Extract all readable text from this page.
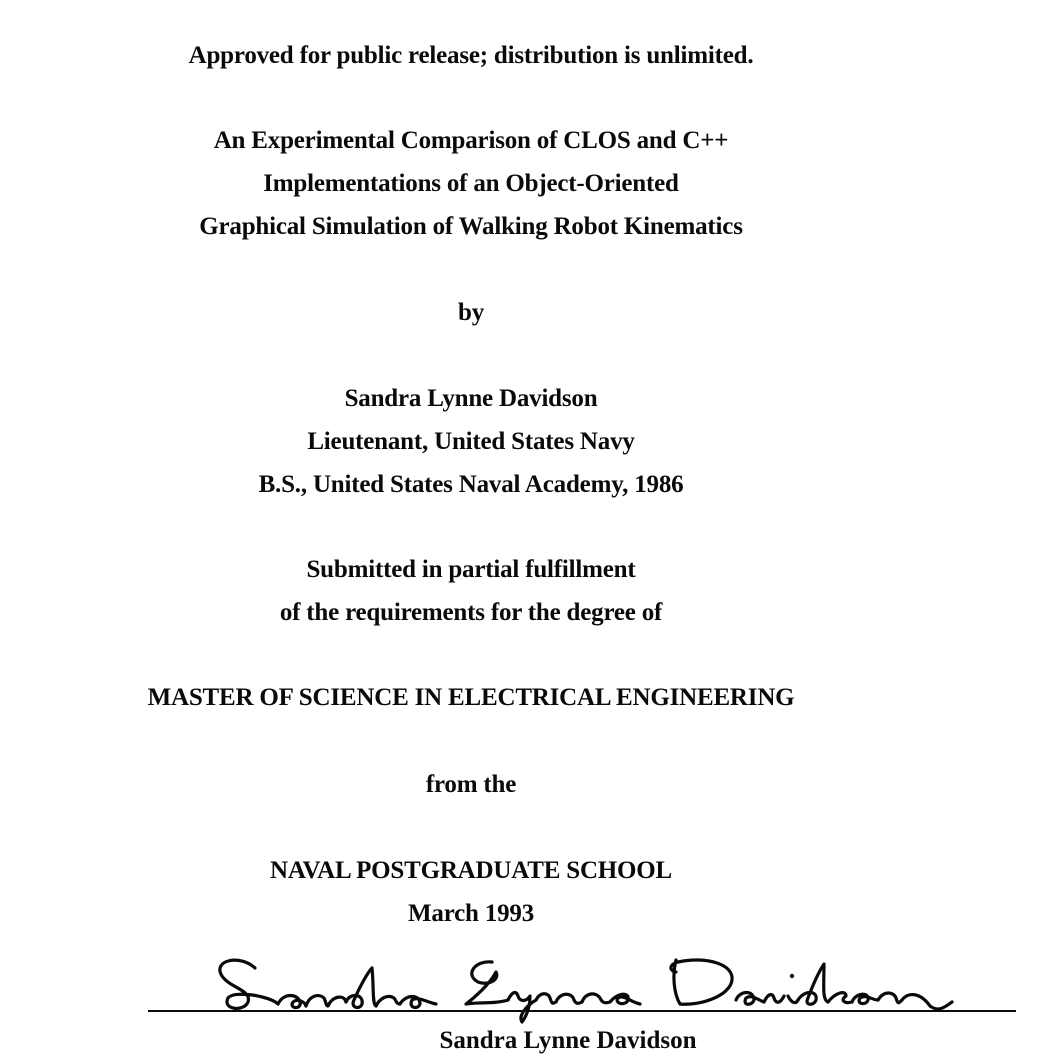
Approved for public release; distribution is unlimited.
An Experimental Comparison of CLOS and C++
Implementations of an Object-Oriented
Graphical Simulation of Walking Robot Kinematics
by
Sandra Lynne Davidson
Lieutenant, United States Navy
B.S., United States Naval Academy, 1986
Submitted in partial fulfillment
of the requirements for the degree of
MASTER OF SCIENCE IN ELECTRICAL ENGINEERING
from the
NAVAL POSTGRADUATE SCHOOL
March 1993
Sandra Lynne Davidson
